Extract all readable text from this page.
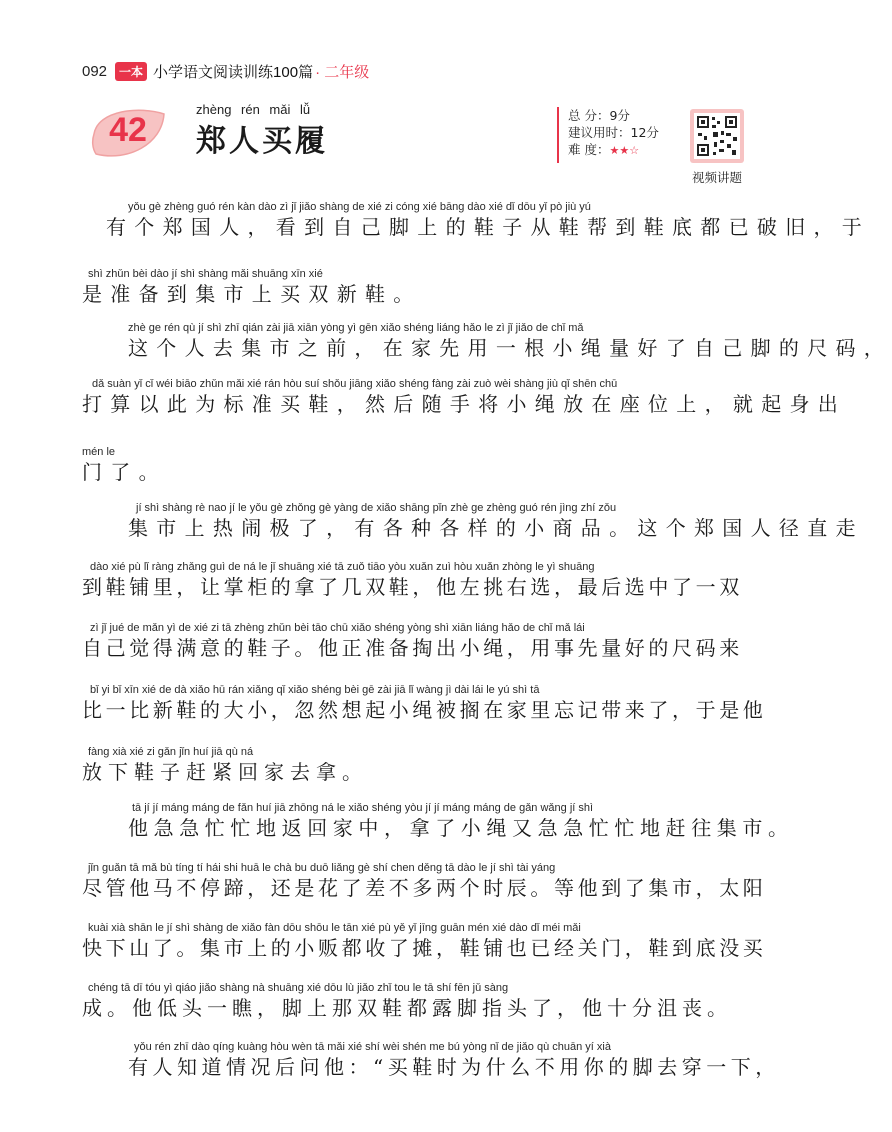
092	一本 小学语文阅读训练100篇 · 二年级
42
zhèng rén mǎi lǚ
郑人买履
总 分：9分
建议用时：12分
难 度：★★☆
视频讲题
yǒu gè zhèng guó rén kàn dào zì jǐ jiǎo shàng de xié zi cóng xié bāng dào xié dǐ dōu yǐ pò jiù yú
有个郑国人，看到自己脚上的鞋子从鞋帮到鞋底都已破旧，于
shì zhǔn bèi dào jí shì shàng mǎi shuāng xīn xié
是准备到集市上买双新鞋。
zhè ge rén qù jí shì zhī qián zài jiā xiān yòng yì gēn xiǎo shéng liáng hǎo le zì jǐ jiǎo de chǐ mǎ
这个人去集市之前，在家先用一根小绳量好了自己脚的尺码，
dǎ suàn yǐ cǐ wéi biāo zhǔn mǎi xié rán hòu suí shǒu jiāng xiǎo shéng fàng zài zuò wèi shàng jiù qǐ shēn chū
打算以此为标准买鞋，然后随手将小绳放在座位上，就起身出
mén le
门了。
jí shì shàng rè nao jí le yǒu gè zhǒng gè yàng de xiǎo shāng pǐn zhè ge zhèng guó rén jìng zhí zǒu
集市上热闹极了，有各种各样的小商品。这个郑国人径直走
dào xié pù lǐ ràng zhǎng guì de ná le jǐ shuāng xié tā zuǒ tiāo yòu xuǎn zuì hòu xuǎn zhòng le yì shuāng
到鞋铺里，让掌柜的拿了几双鞋，他左挑右选，最后选中了一双
zì jǐ jué de mǎn yì de xié zi tā zhèng zhǔn bèi tāo chū xiǎo shéng yòng shì xiān liáng hǎo de chǐ mǎ lái
自己觉得满意的鞋子。他正准备掏出小绳，用事先量好的尺码来
bǐ yi bǐ xīn xié de dà xiǎo hū rán xiǎng qǐ xiǎo shéng bèi gē zài jiā lǐ wàng jì dài lái le yú shì tā
比一比新鞋的大小，忽然想起小绳被搁在家里忘记带来了，于是他
fàng xià xié zi gǎn jǐn huí jiā qù ná
放下鞋子赶紧回家去拿。
tā jí jí máng máng de fǎn huí jiā zhōng ná le xiǎo shéng yòu jí jí máng máng de gǎn wǎng jí shì
他急急忙忙地返回家中，拿了小绳又急急忙忙地赶往集市。
jǐn guǎn tā mǎ bù tíng tí hái shi huā le chà bu duō liǎng gè shí chen děng tā dào le jí shì tài yáng
尽管他马不停蹄，还是花了差不多两个时辰。等他到了集市，太阳
kuài xià shān le jí shì shàng de xiǎo fàn dōu shōu le tān xié pù yě yǐ jīng guān mén xié dào dǐ méi mǎi
快下山了。集市上的小贩都收了摊，鞋铺也已经关门，鞋到底没买
chéng tā dī tóu yì qiáo jiǎo shàng nà shuāng xié dōu lù jiǎo zhǐ tou le tā shí fēn jǔ sàng
成。他低头一瞧，脚上那双鞋都露脚指头了，他十分沮丧。
yǒu rén zhī dào qíng kuàng hòu wèn tā mǎi xié shí wèi shén me bú yòng nǐ de jiǎo qù chuān yí xià
有人知道情况后问他：“买鞋时为什么不用你的脚去穿一下，
